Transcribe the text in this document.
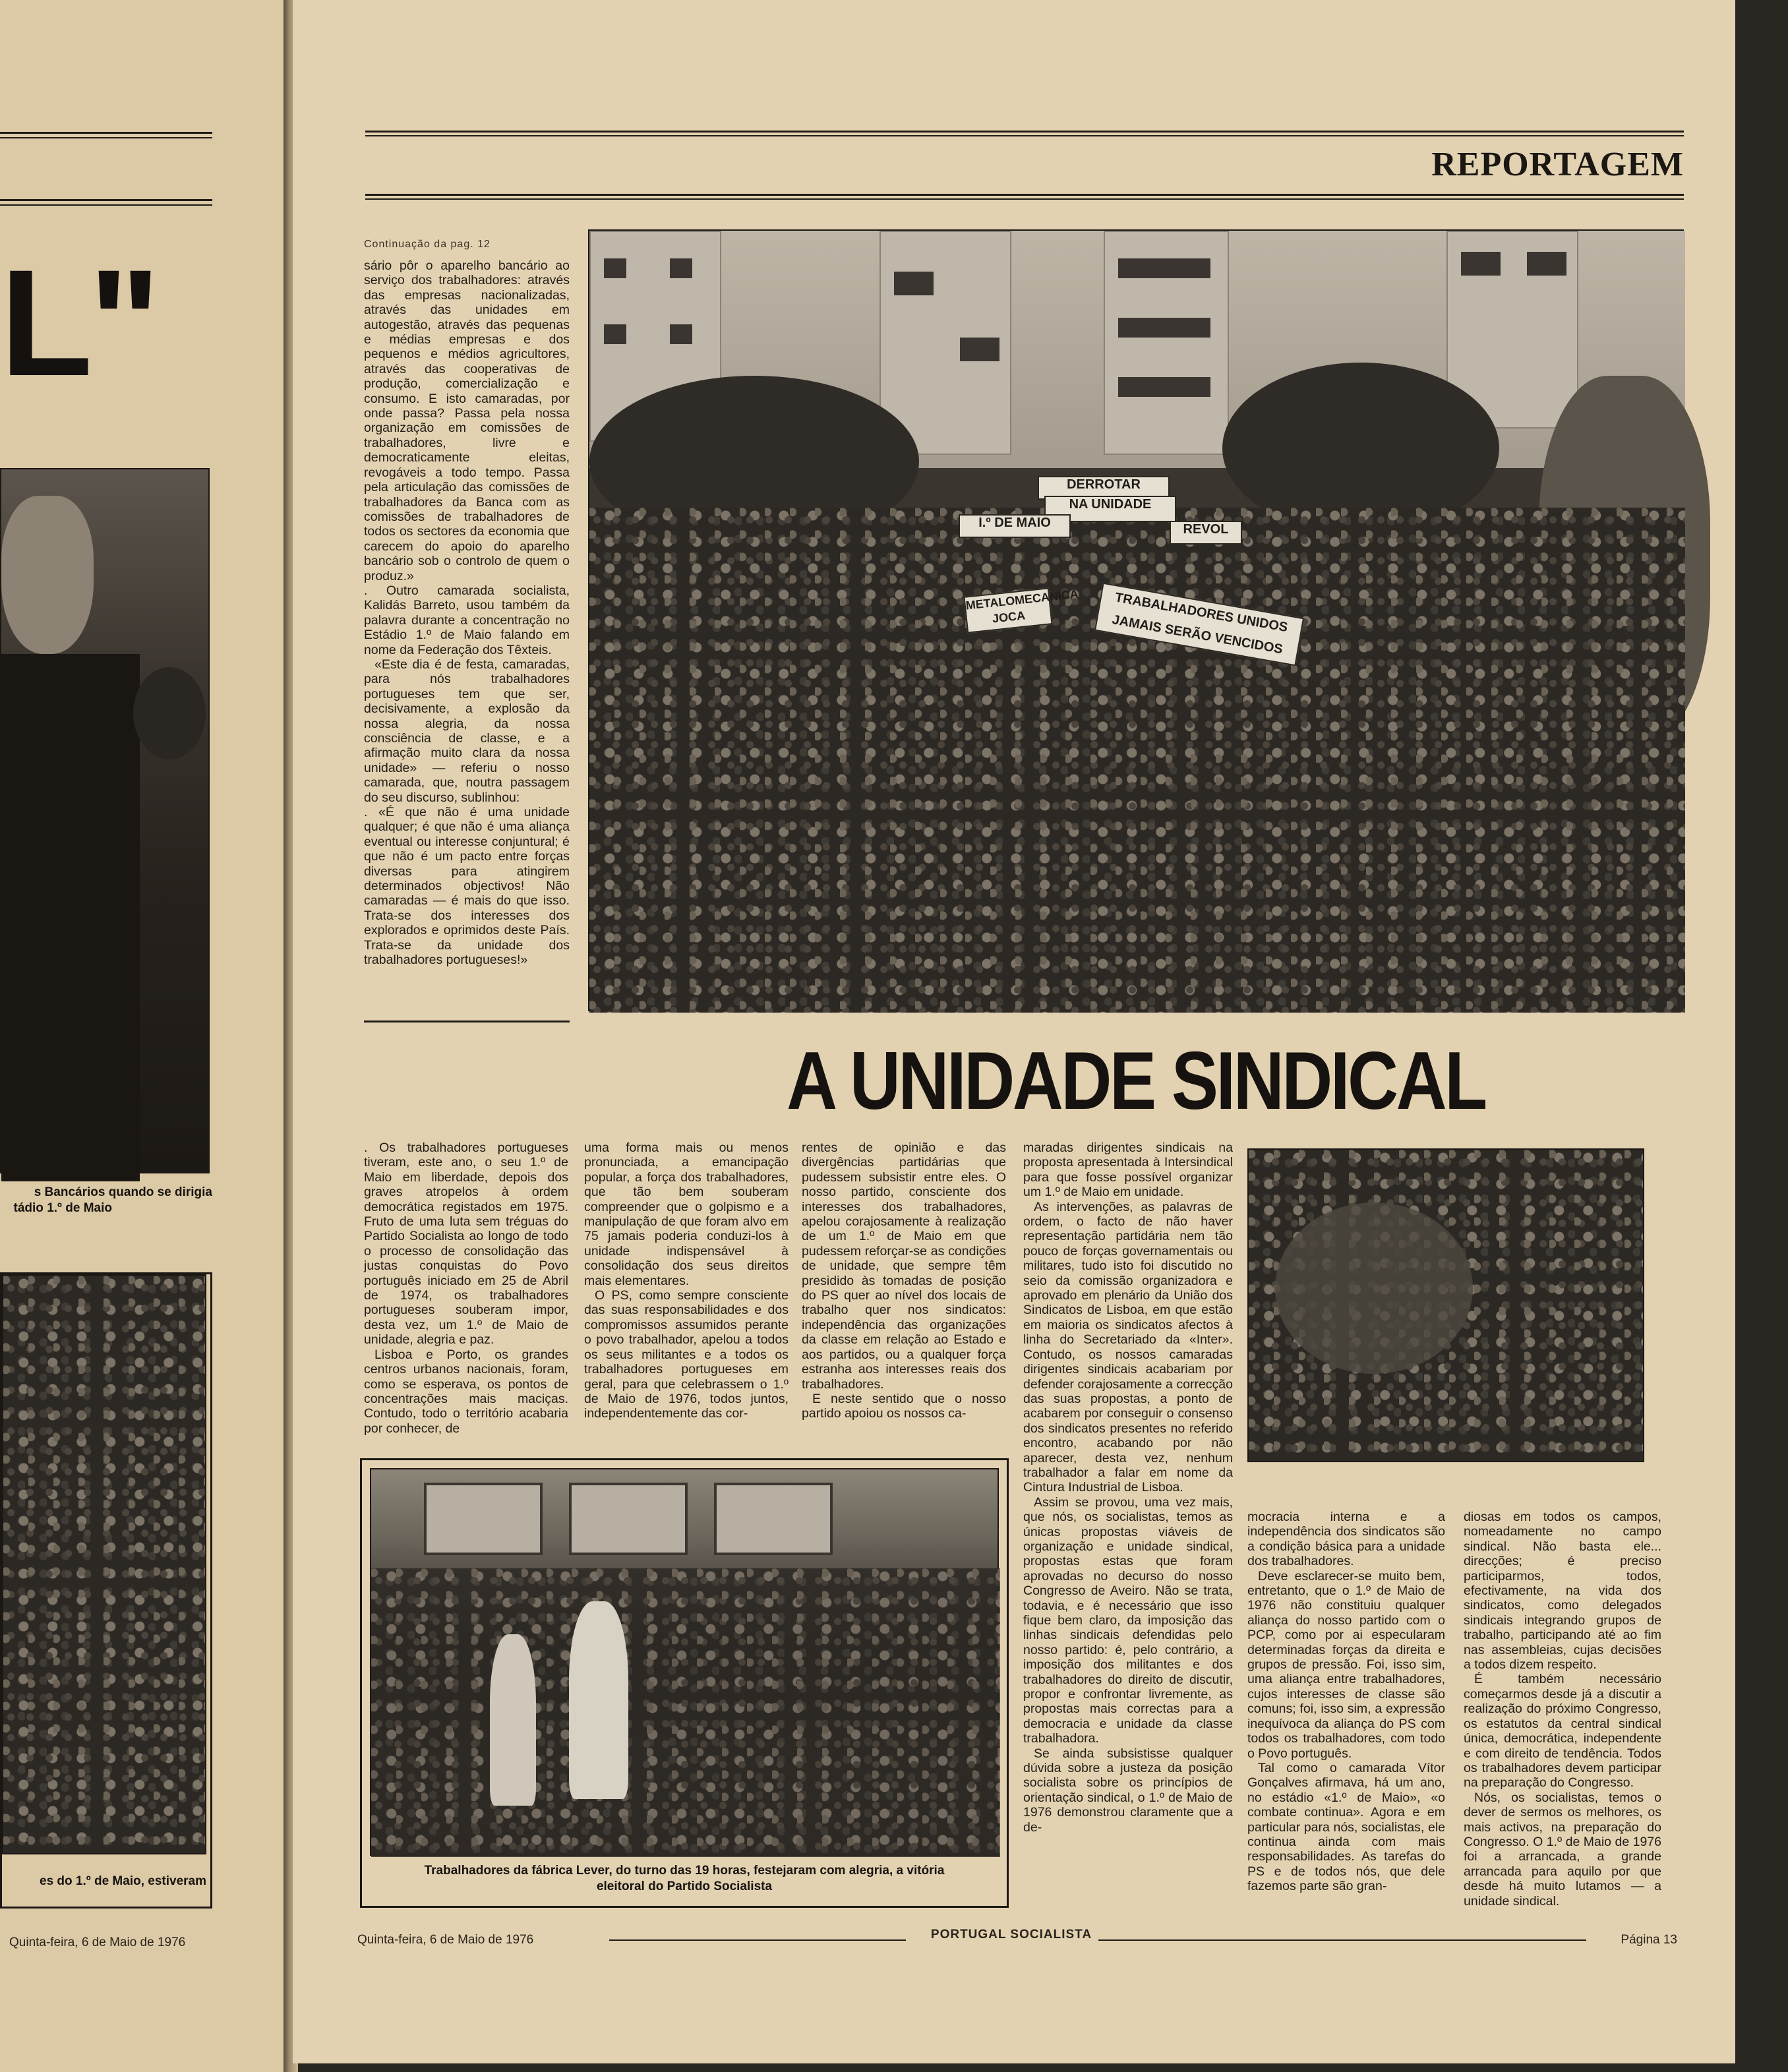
L"
s Bancários quando se dirigia
tádio 1.º de Maio
es do 1.º de Maio, estiveram
Quinta-feira, 6 de Maio de 1976
REPORTAGEM
Continuação da pag. 12

sário pôr o aparelho bancário ao serviço dos trabalhadores: através das empresas nacionalizadas, através das unidades em autogestão, através das pequenas e médias empresas e dos pequenos e médios agricultores, através das cooperativas de produção, comercialização e consumo. E isto camaradas, por onde passa? Passa pela nossa organização em comissões de trabalhadores, livre e democraticamente eleitas, revogáveis a todo tempo. Passa pela articulação das comissões de trabalhadores da Banca com as comissões de trabalhadores de todos os sectores da economia que carecem do apoio do aparelho bancário sob o controlo de quem o produz.»

. Outro camarada socialista, Kalidás Barreto, usou também da palavra durante a concentração no Estádio 1.º de Maio falando em nome da Federação dos Têxteis.

«Este dia é de festa, camaradas, para nós trabalhadores portugueses tem que ser, decisivamente, a explosão da nossa alegria, da nossa consciência de classe, e a afirmação muito clara da nossa unidade» — referiu o nosso camarada, que, noutra passagem do seu discurso, sublinhou:

. «É que não é uma unidade qualquer; é que não é uma aliança eventual ou interesse conjuntural; é que não é um pacto entre forças diversas para atingirem determinados objectivos! Não camaradas — é mais do que isso. Trata-se dos interesses dos explorados e oprimidos deste País. Trata-se da unidade dos trabalhadores portugueses!»

DERROTAR
NA UNIDADE
I.º DE MAIO	REVOL
METALOMECANICA JOCA	TRABALHADORES UNIDOS JAMAIS SERÃO VENCIDOS
A UNIDADE SINDICAL

. Os trabalhadores portugueses tiveram, este ano, o seu 1.º de Maio em liberdade, depois dos graves atropelos à ordem democrática registados em 1975. Fruto de uma luta sem tréguas do Partido Socialista ao longo de todo o processo de consolidação das justas conquistas do Povo português iniciado em 25 de Abril de 1974, os trabalhadores portugueses souberam impor, desta vez, um 1.º de Maio de unidade, alegria e paz.

Lisboa e Porto, os grandes centros urbanos nacionais, foram, como se esperava, os pontos de concentrações mais maciças. Contudo, todo o território acabaria por conhecer, de

uma forma mais ou menos pronunciada, a emancipação popular, a força dos trabalhadores, que tão bem souberam compreender que o golpismo e a manipulação de que foram alvo em 75 jamais poderia conduzi-los à unidade indispensável à consolidação dos seus direitos mais elementares.

O PS, como sempre consciente das suas responsabilidades e dos compromissos assumidos perante o povo trabalhador, apelou a todos os seus militantes e a todos os trabalhadores portugueses em geral, para que celebrassem o 1.º de Maio de 1976, todos juntos, independentemente das cor-

rentes de opinião e das divergências partidárias que pudessem subsistir entre eles. O nosso partido, consciente dos interesses dos trabalhadores, apelou corajosamente à realização de um 1.º de Maio em que pudessem reforçar-se as condições de unidade, que sempre têm presidido às tomadas de posição do PS quer ao nível dos locais de trabalho quer nos sindicatos: independência das organizações da classe em relação ao Estado e aos partidos, ou a qualquer força estranha aos interesses reais dos trabalhadores.

E neste sentido que o nosso partido apoiou os nossos ca-

maradas dirigentes sindicais na proposta apresentada à Intersindical para que fosse possível organizar um 1.º de Maio em unidade.

As intervenções, as palavras de ordem, o facto de não haver representação partidária nem tão pouco de forças governamentais ou militares, tudo isto foi discutido no seio da comissão organizadora e aprovado em plenário da União dos Sindicatos de Lisboa, em que estão em maioria os sindicatos afectos à linha do Secretariado da «Inter». Contudo, os nossos camaradas dirigentes sindicais acabariam por defender corajosamente a correcção das suas propostas, a ponto de acabarem por conseguir o consenso dos sindicatos presentes no referido encontro, acabando por não aparecer, desta vez, nenhum trabalhador a falar em nome da Cintura Industrial de Lisboa.

Assim se provou, uma vez mais, que nós, os socialistas, temos as únicas propostas viáveis de organização e unidade sindical, propostas estas que foram aprovadas no decurso do nosso Congresso de Aveiro. Não se trata, todavia, e é necessário que isso fique bem claro, da imposição das linhas sindicais defendidas pelo nosso partido: é, pelo contrário, a imposição dos militantes e dos trabalhadores do direito de discutir, propor e confrontar livremente, as propostas mais correctas para a democracia e unidade da classe trabalhadora.

Se ainda subsistisse qualquer dúvida sobre a justeza da posição socialista sobre os princípios de orientação sindical, o 1.º de Maio de 1976 demonstrou claramente que a de-

mocracia interna e a independência dos sindicatos são a condição básica para a unidade dos trabalhadores.

Deve esclarecer-se muito bem, entretanto, que o 1.º de Maio de 1976 não constituiu qualquer aliança do nosso partido com o PCP, como por ai especularam determinadas forças da direita e grupos de pressão. Foi, isso sim, uma aliança entre trabalhadores, cujos interesses de classe são comuns; foi, isso sim, a expressão inequívoca da aliança do PS com todos os trabalhadores, com todo o Povo português.

Tal como o camarada Vítor Gonçalves afirmava, há um ano, no estádio «1.º de Maio», «o combate continua». Agora e em particular para nós, socialistas, ele continua ainda com mais responsabilidades. As tarefas do PS e de todos nós, que dele fazemos parte são gran-

diosas em todos os campos, nomeadamente no campo sindical. Não basta ele... direcções; é preciso participarmos, todos, efectivamente, na vida dos sindicatos, como delegados sindicais integrando grupos de trabalho, participando até ao fim nas assembleias, cujas decisões a todos dizem respeito.

É também necessário começarmos desde já a discutir a realização do próximo Congresso, os estatutos da central sindical única, democrática, independente e com direito de tendência. Todos os trabalhadores devem participar na preparação do Congresso.

Nós, os socialistas, temos o dever de sermos os melhores, os mais activos, na preparação do Congresso. O 1.º de Maio de 1976 foi a arrancada, a grande arrancada para aquilo por que desde há muito lutamos — a unidade sindical.

Trabalhadores da fábrica Lever, do turno das 19 horas, festejaram com alegria, a vitória
eleitoral do Partido Socialista
Quinta-feira, 6 de Maio de 1976	PORTUGAL SOCIALISTA	Página 13
